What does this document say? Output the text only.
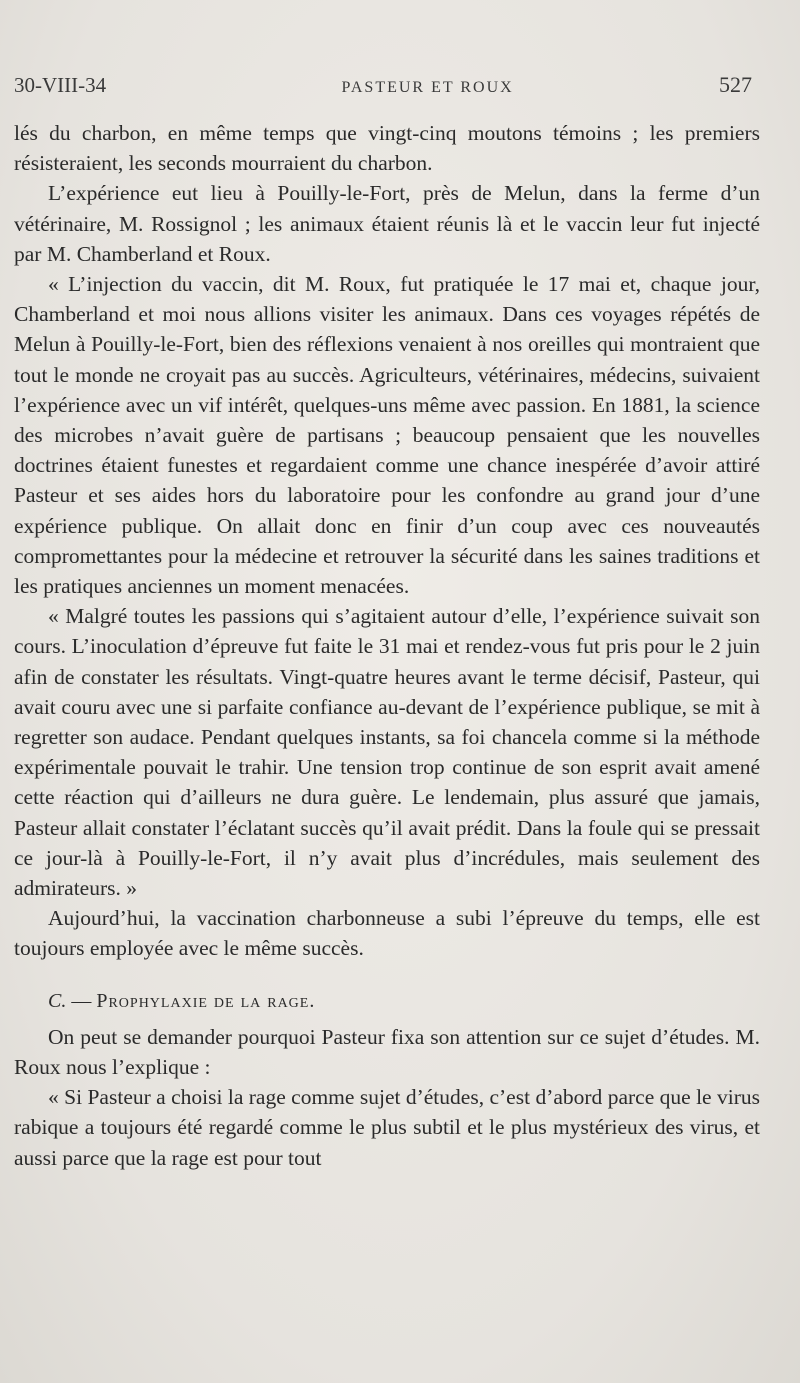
30-VIII-34	PASTEUR ET ROUX	527

lés du charbon, en même temps que vingt-cinq moutons témoins ; les premiers résisteraient, les seconds mourraient du charbon.

L’expérience eut lieu à Pouilly-le-Fort, près de Melun, dans la ferme d’un vétérinaire, M. Rossignol ; les animaux étaient réunis là et le vaccin leur fut injecté par M. Chamberland et Roux.

« L’injection du vaccin, dit M. Roux, fut pratiquée le 17 mai et, chaque jour, Chamberland et moi nous allions visiter les animaux. Dans ces voyages répétés de Melun à Pouilly-le-Fort, bien des réflexions venaient à nos oreilles qui montraient que tout le monde ne croyait pas au succès. Agriculteurs, vétérinaires, médecins, suivaient l’expérience avec un vif intérêt, quelques-uns même avec passion. En 1881, la science des microbes n’avait guère de partisans ; beaucoup pensaient que les nouvelles doctrines étaient funestes et regardaient comme une chance inespérée d’avoir attiré Pasteur et ses aides hors du laboratoire pour les confondre au grand jour d’une expérience publique. On allait donc en finir d’un coup avec ces nouveautés compromettantes pour la médecine et retrouver la sécurité dans les saines traditions et les pratiques anciennes un moment menacées.

« Malgré toutes les passions qui s’agitaient autour d’elle, l’expérience suivait son cours. L’inoculation d’épreuve fut faite le 31 mai et rendez-vous fut pris pour le 2 juin afin de constater les résultats. Vingt-quatre heures avant le terme décisif, Pasteur, qui avait couru avec une si parfaite confiance au-devant de l’expérience publique, se mit à regretter son audace. Pendant quelques instants, sa foi chancela comme si la méthode expérimentale pouvait le trahir. Une tension trop continue de son esprit avait amené cette réaction qui d’ailleurs ne dura guère. Le lendemain, plus assuré que jamais, Pasteur allait constater l’éclatant succès qu’il avait prédit. Dans la foule qui se pressait ce jour-là à Pouilly-le-Fort, il n’y avait plus d’incrédules, mais seulement des admirateurs. »

Aujourd’hui, la vaccination charbonneuse a subi l’épreuve du temps, elle est toujours employée avec le même succès.

C. — Prophylaxie de la rage.

On peut se demander pourquoi Pasteur fixa son attention sur ce sujet d’études. M. Roux nous l’explique :

« Si Pasteur a choisi la rage comme sujet d’études, c’est d’abord parce que le virus rabique a toujours été regardé comme le plus subtil et le plus mystérieux des virus, et aussi parce que la rage est pour tout
